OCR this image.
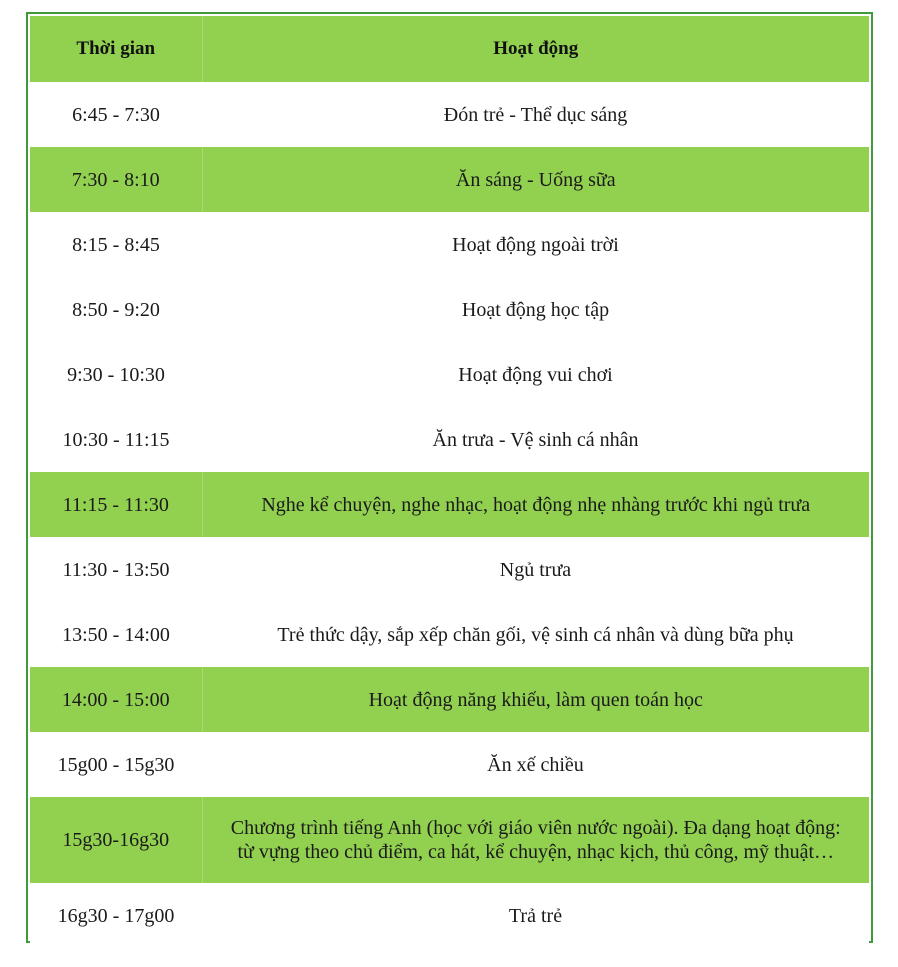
Thời gian	Hoạt động
6:45 - 7:30	Đón trẻ - Thể dục sáng
7:30 - 8:10	Ăn sáng - Uống sữa
8:15 - 8:45	Hoạt động ngoài trời
8:50 - 9:20	Hoạt động học tập
9:30 - 10:30	Hoạt động vui chơi
10:30 - 11:15	Ăn trưa - Vệ sinh cá nhân
11:15 - 11:30	Nghe kể chuyện, nghe nhạc, hoạt động nhẹ nhàng trước khi ngủ trưa
11:30 - 13:50	Ngủ trưa
13:50 - 14:00	Trẻ thức dậy, sắp xếp chăn gối, vệ sinh cá nhân và dùng bữa phụ
14:00 - 15:00	Hoạt động năng khiếu, làm quen toán học
15g00 - 15g30	Ăn xế chiều
15g30-16g30	Chương trình tiếng Anh (học với giáo viên nước ngoài). Đa dạng hoạt động: từ vựng theo chủ điểm, ca hát, kể chuyện, nhạc kịch, thủ công, mỹ thuật…
16g30 - 17g00	Trả trẻ
